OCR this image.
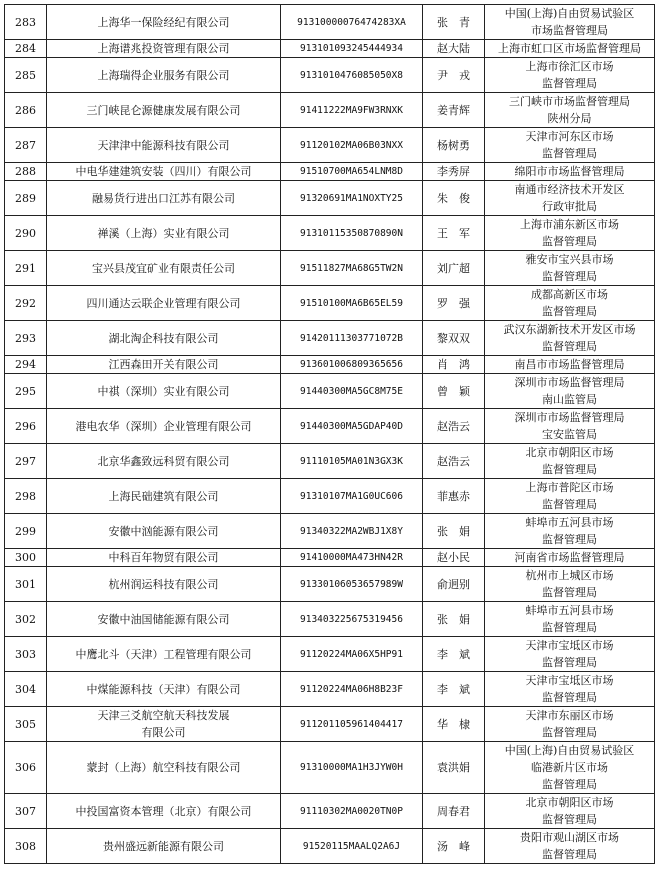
283	上海华一保险经纪有限公司	91310000076474283XA	张　青	中国(上海)自由贸易试验区
市场监督管理局

284	上海谱兆投资管理有限公司	913101093245444934	赵大陆	上海市虹口区市场监督管理局

285	上海瑞得企业服务有限公司	9131010476085050X8	尹　戎	上海市徐汇区市场
监督管理局

286	三门峡昆仑源健康发展有限公司	91411222MA9FW3RNXK	姜青辉	三门峡市市场监督管理局
陕州分局

287	天津津中能源科技有限公司	91120102MA06B03NXX	杨树勇	天津市河东区市场
监督管理局

288	中电华建建筑安装（四川）有限公司	91510700MA654LNM8D	李秀屏	绵阳市市场监督管理局

289	融易货行进出口江苏有限公司	91320691MA1NOXTY25	朱　俊	南通市经济技术开发区
行政审批局

290	禅溪（上海）实业有限公司	91310115350870890N	王　军	上海市浦东新区市场
监督管理局

291	宝兴县茂宜矿业有限责任公司	91511827MA68G5TW2N	刘广超	雅安市宝兴县市场
监督管理局

292	四川通达云联企业管理有限公司	91510100MA6B65EL59	罗　强	成都高新区市场
监督管理局

293	湖北淘企科技有限公司	91420111303771072B	黎双双	武汉东湖新技术开发区市场
监督管理局

294	江西森田开关有限公司	913601006809365656	肖　鸿	南昌市市场监督管理局

295	中祺（深圳）实业有限公司	91440300MA5GC8M75E	曾　颖	深圳市市场监督管理局
南山监管局

296	港电农华（深圳）企业管理有限公司	91440300MA5GDAP40D	赵浩云	深圳市市场监督管理局
宝安监管局

297	北京华鑫致远科贸有限公司	91110105MA01N3GX3K	赵浩云	北京市朝阳区市场
监督管理局

298	上海民础建筑有限公司	91310107MA1G0UC606	菲惠赤	上海市普陀区市场
监督管理局

299	安徽中汹能源有限公司	91340322MA2WBJ1X8Y	张　娟	蚌埠市五河县市场
监督管理局

300	中科百年物贸有限公司	91410000MA473HN42R	赵小民	河南省市场监督管理局

301	杭州润运科技有限公司	91330106053657989W	俞迥别	杭州市上城区市场
监督管理局

302	安徽中油国储能源有限公司	913403225675319456	张　娟	蚌埠市五河县市场
监督管理局

303	中鹰北斗（天津）工程管理有限公司	91120224MA06X5HP91	李　斌	天津市宝坻区市场
监督管理局

304	中煤能源科技（天津）有限公司	91120224MA06H8B23F	李　斌	天津市宝坻区市场
监督管理局

305	天津三爻航空航天科技发展
有限公司	911201105961404417	华　棣	天津市东丽区市场
监督管理局

306	蒙封（上海）航空科技有限公司	91310000MA1H3JYW0H	袁洪娟	中国(上海)自由贸易试验区
临港新片区市场
监督管理局

307	中投国富资本管理（北京）有限公司	91110302MA0020TN0P	周春君	北京市朝阳区市场
监督管理局

308	贵州盛远新能源有限公司	91520115MAALQ2A6J	汤　峰	贵阳市观山湖区市场
监督管理局
